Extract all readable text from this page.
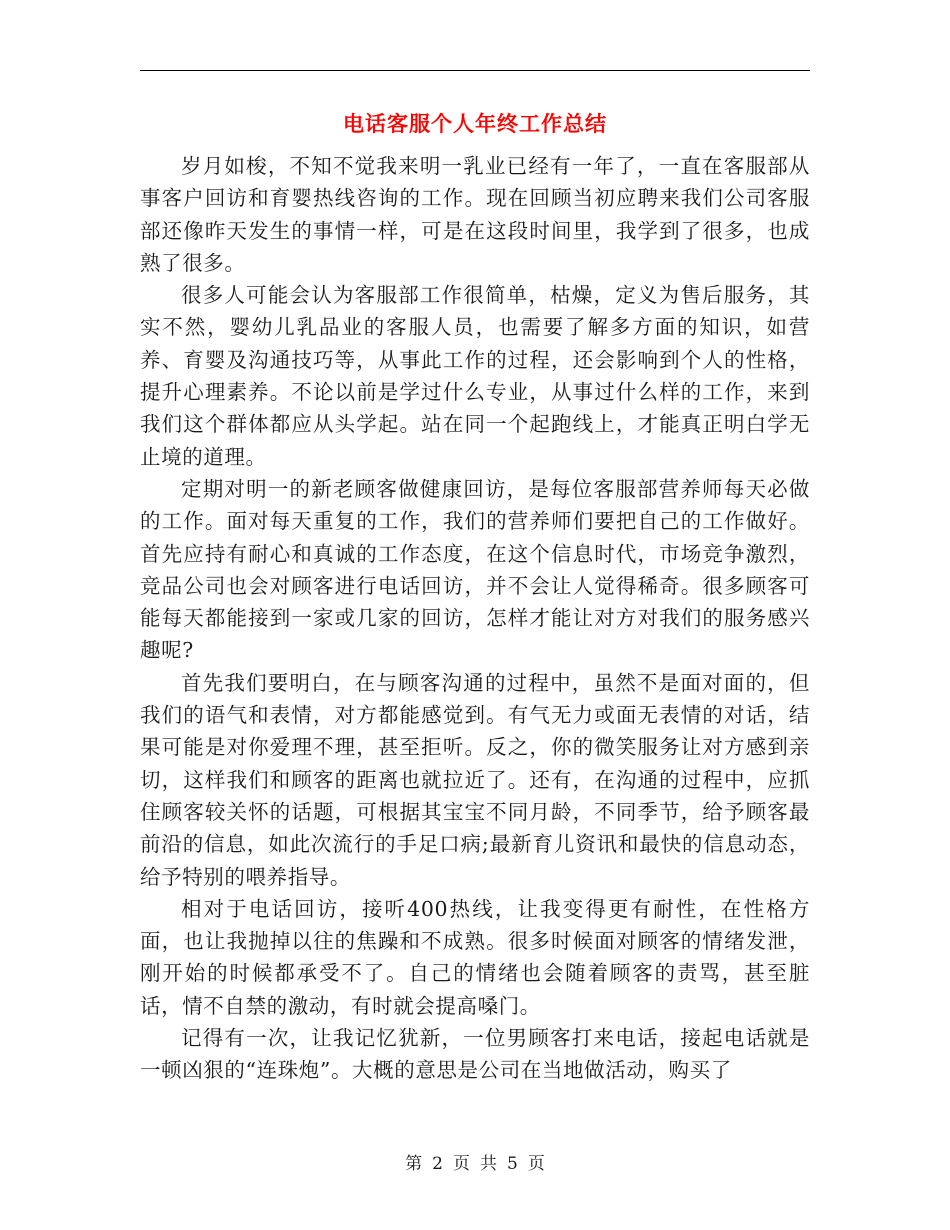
电话客服个人年终工作总结

岁月如梭，不知不觉我来明一乳业已经有一年了，一直在客服部从事客户回访和育婴热线咨询的工作。现在回顾当初应聘来我们公司客服部还像昨天发生的事情一样，可是在这段时间里，我学到了很多，也成熟了很多。

很多人可能会认为客服部工作很简单，枯燥，定义为售后服务，其实不然，婴幼儿乳品业的客服人员，也需要了解多方面的知识，如营养、育婴及沟通技巧等，从事此工作的过程，还会影响到个人的性格，提升心理素养。不论以前是学过什么专业，从事过什么样的工作，来到我们这个群体都应从头学起。站在同一个起跑线上，才能真正明白学无止境的道理。

定期对明一的新老顾客做健康回访，是每位客服部营养师每天必做的工作。面对每天重复的工作，我们的营养师们要把自己的工作做好。首先应持有耐心和真诚的工作态度，在这个信息时代，市场竞争激烈，竞品公司也会对顾客进行电话回访，并不会让人觉得稀奇。很多顾客可能每天都能接到一家或几家的回访，怎样才能让对方对我们的服务感兴趣呢?

首先我们要明白，在与顾客沟通的过程中，虽然不是面对面的，但我们的语气和表情，对方都能感觉到。有气无力或面无表情的对话，结果可能是对你爱理不理，甚至拒听。反之，你的微笑服务让对方感到亲切，这样我们和顾客的距离也就拉近了。还有，在沟通的过程中，应抓住顾客较关怀的话题，可根据其宝宝不同月龄，不同季节，给予顾客最前沿的信息，如此次流行的手足口病;最新育儿资讯和最快的信息动态，给予特别的喂养指导。

相对于电话回访，接听400热线，让我变得更有耐性，在性格方面，也让我抛掉以往的焦躁和不成熟。很多时候面对顾客的情绪发泄，刚开始的时候都承受不了。自己的情绪也会随着顾客的责骂，甚至脏话，情不自禁的激动，有时就会提高嗓门。

记得有一次，让我记忆犹新，一位男顾客打来电话，接起电话就是一顿凶狠的“连珠炮”。大概的意思是公司在当地做活动，购买了

第 2 页 共 5 页
